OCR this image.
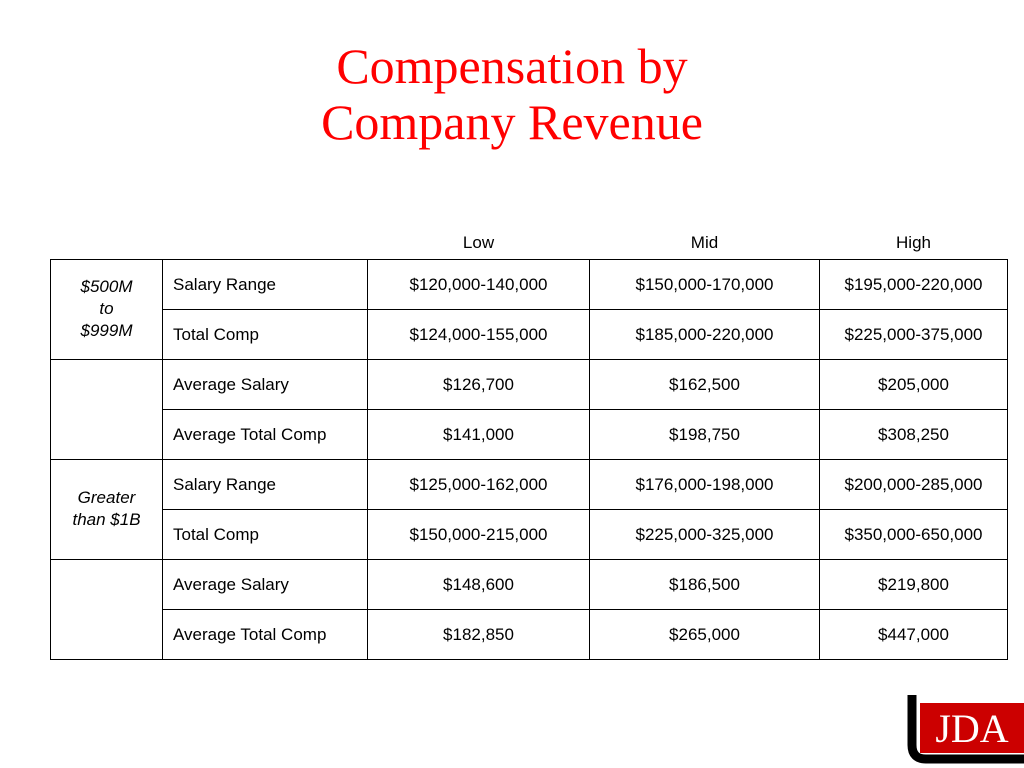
Compensation by
Company Revenue
		Low	Mid	High

$500M
to
$999M	Salary Range	$120,000-140,000	$150,000-170,000	$195,000-220,000
	Total Comp	$124,000-155,000	$185,000-220,000	$225,000-375,000
	Average Salary	$126,700	$162,500	$205,000
	Average Total Comp	$141,000	$198,750	$308,250

Greater
than $1B	Salary Range	$125,000-162,000	$176,000-198,000	$200,000-285,000
	Total Comp	$150,000-215,000	$225,000-325,000	$350,000-650,000
	Average Salary	$148,600	$186,500	$219,800
	Average Total Comp	$182,850	$265,000	$447,000
JDA
